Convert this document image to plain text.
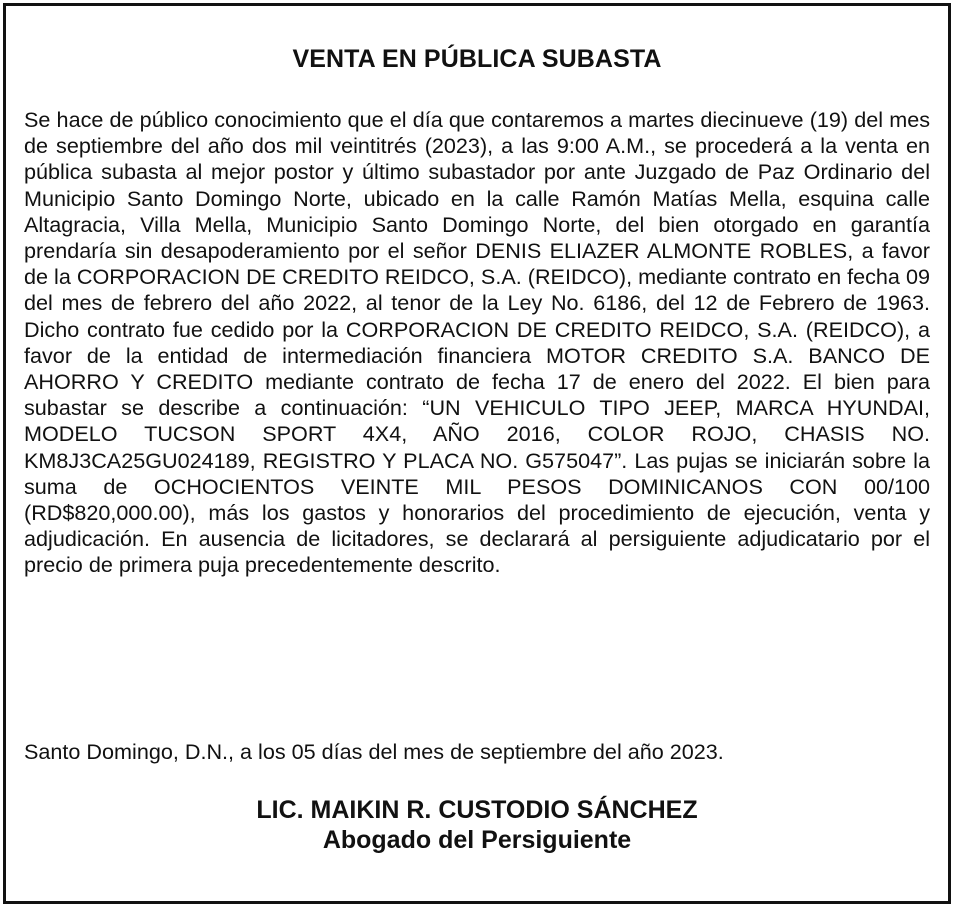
VENTA EN PÚBLICA SUBASTA

Se hace de público conocimiento que el día que contaremos a martes diecinueve (19) del mes de septiembre del año dos mil veintitrés (2023), a las 9:00 A.M., se procederá a la venta en pública subasta al mejor postor y último subastador por ante Juzgado de Paz Ordinario del Municipio Santo Domingo Norte, ubicado en la calle Ramón Matías Mella, esquina calle Altagracia, Villa Mella, Municipio Santo Domingo Norte, del bien otorgado en garantía prendaría sin desapoderamiento por el señor DENIS ELIAZER ALMONTE ROBLES, a favor de la CORPORACION DE CREDITO REIDCO, S.A. (REIDCO), mediante contrato en fecha 09 del mes de febrero del año 2022, al tenor de la Ley No. 6186, del 12 de Febrero de 1963. Dicho contrato fue cedido por la CORPORACION DE CREDITO REIDCO, S.A. (REIDCO), a favor de la entidad de intermediación financiera MOTOR CREDITO S.A. BANCO DE AHORRO Y CREDITO mediante contrato de fecha 17 de enero del 2022. El bien para subastar se describe a continuación: “UN VEHICULO TIPO JEEP, MARCA HYUNDAI, MODELO TUCSON SPORT 4X4, AÑO 2016, COLOR ROJO, CHASIS NO. KM8J3CA25GU024189, REGISTRO Y PLACA NO. G575047”. Las pujas se iniciarán sobre la suma de OCHOCIENTOS VEINTE MIL PESOS DOMINICANOS CON 00/100 (RD$820,000.00), más los gastos y honorarios del procedimiento de ejecución, venta y adjudicación. En ausencia de licitadores, se declarará al persiguiente adjudicatario por el precio de primera puja precedentemente descrito.

Santo Domingo, D.N., a los 05 días del mes de septiembre del año 2023.

LIC. MAIKIN R. CUSTODIO SÁNCHEZ
Abogado del Persiguiente
